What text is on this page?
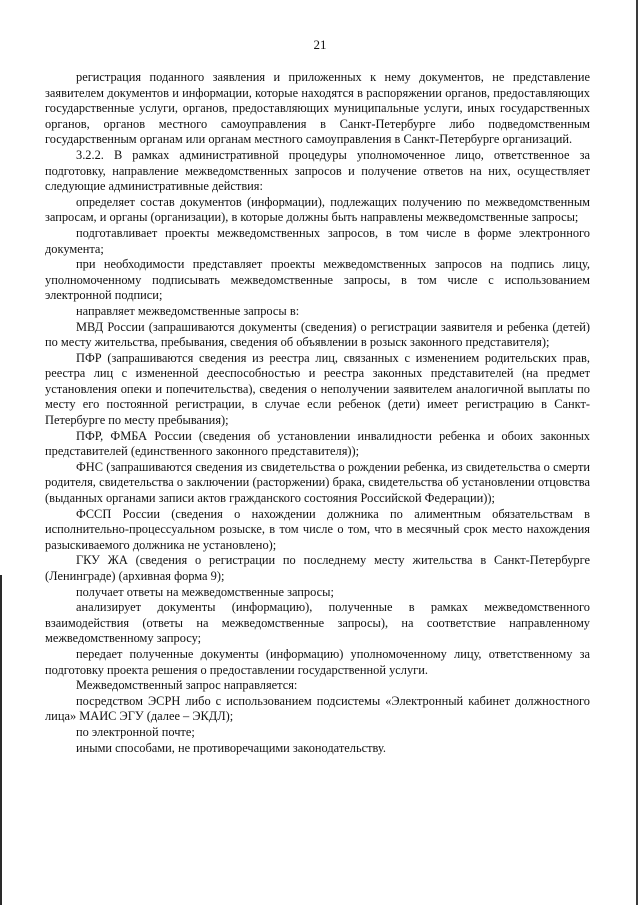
21

регистрация поданного заявления и приложенных к нему документов, не представление заявителем документов и информации, которые находятся в распоряжении органов, предоставляющих государственные услуги, органов, предоставляющих муниципальные услуги, иных государственных органов, органов местного самоуправления в Санкт-Петербурге либо подведомственным государственным органам или органам местного самоуправления в Санкт-Петербурге организаций.

3.2.2. В рамках административной процедуры уполномоченное лицо, ответственное за подготовку, направление межведомственных запросов и получение ответов на них, осуществляет следующие административные действия:

определяет состав документов (информации), подлежащих получению по межведомственным запросам, и органы (организации), в которые должны быть направлены межведомственные запросы;

подготавливает проекты межведомственных запросов, в том числе в форме электронного документа;

при необходимости представляет проекты межведомственных запросов на подпись лицу, уполномоченному подписывать межведомственные запросы, в том числе с использованием электронной подписи;

направляет межведомственные запросы в:

МВД России (запрашиваются документы (сведения) о регистрации заявителя и ребенка (детей) по месту жительства, пребывания, сведения об объявлении в розыск законного представителя);

ПФР (запрашиваются сведения из реестра лиц, связанных с изменением родительских прав, реестра лиц с измененной дееспособностью и реестра законных представителей (на предмет установления опеки и попечительства), сведения о неполучении заявителем аналогичной выплаты по месту его постоянной регистрации, в случае если ребенок (дети) имеет регистрацию в Санкт-Петербурге по месту пребывания);

ПФР, ФМБА России (сведения об установлении инвалидности ребенка и обоих законных представителей (единственного законного представителя));

ФНС (запрашиваются сведения из свидетельства о рождении ребенка, из свидетельства о смерти родителя, свидетельства о заключении (расторжении) брака, свидетельства об установлении отцовства (выданных органами записи актов гражданского состояния Российской Федерации));

ФССП России (сведения о нахождении должника по алиментным обязательствам в исполнительно-процессуальном розыске, в том числе о том, что в месячный срок место нахождения разыскиваемого должника не установлено);

ГКУ ЖА (сведения о регистрации по последнему месту жительства в Санкт-Петербурге (Ленинграде) (архивная форма 9);

получает ответы на межведомственные запросы;

анализирует документы (информацию), полученные в рамках межведомственного взаимодействия (ответы на межведомственные запросы), на соответствие направленному межведомственному запросу;

передает полученные документы (информацию) уполномоченному лицу, ответственному за подготовку проекта решения о предоставлении государственной услуги.

Межведомственный запрос направляется:

посредством ЭСРН либо с использованием подсистемы «Электронный кабинет должностного лица» МАИС ЭГУ (далее – ЭКДЛ);

по электронной почте;

иными способами, не противоречащими законодательству.
